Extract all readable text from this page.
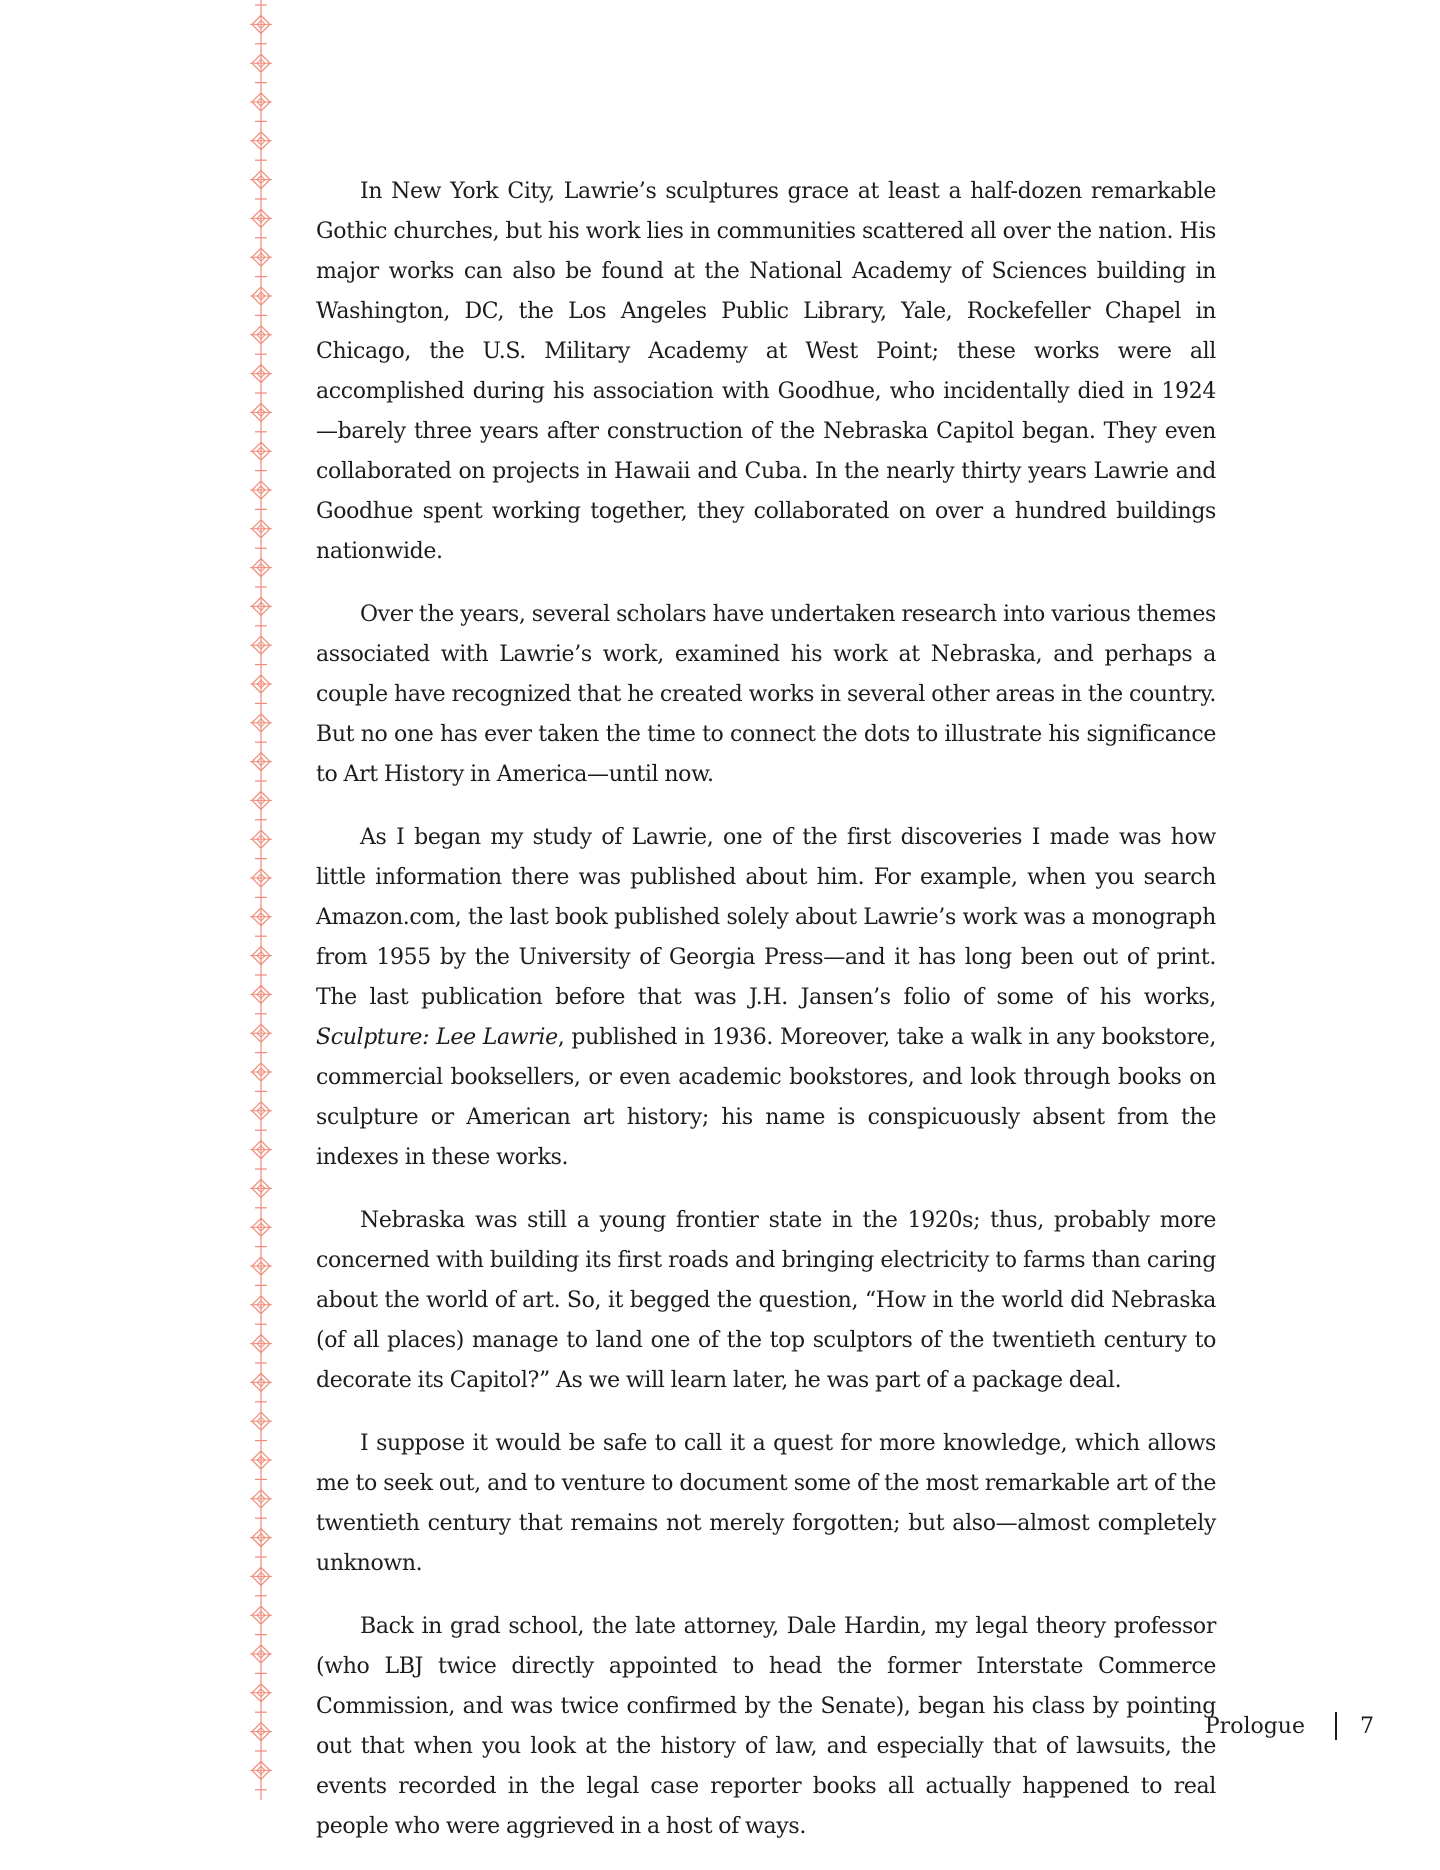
In New York City, Lawrie’s sculptures grace at least a half-dozen remarkable Gothic churches, but his work lies in communities scattered all over the nation. His major works can also be found at the National Academy of Sciences building in Washington, DC, the Los Angeles Public Library, Yale, Rockefeller Chapel in Chicago, the U.S. Military Academy at West Point; these works were all accomplished during his association with Goodhue, who incidentally died in 1924—barely three years after construction of the Nebraska Capitol began. They even collaborated on projects in Hawaii and Cuba. In the nearly thirty years Lawrie and Goodhue spent working together, they collaborated on over a hundred buildings nationwide.

Over the years, several scholars have undertaken research into various themes associated with Lawrie’s work, examined his work at Nebraska, and perhaps a couple have recognized that he created works in several other areas in the country. But no one has ever taken the time to connect the dots to illustrate his significance to Art History in America—until now.

As I began my study of Lawrie, one of the first discoveries I made was how little information there was published about him. For example, when you search Amazon.com, the last book published solely about Lawrie’s work was a monograph from 1955 by the University of Georgia Press—and it has long been out of print. The last publication before that was J.H. Jansen’s folio of some of his works, Sculpture: Lee Lawrie, published in 1936. Moreover, take a walk in any bookstore, commercial booksellers, or even academic bookstores, and look through books on sculpture or American art history; his name is conspicuously absent from the indexes in these works.

Nebraska was still a young frontier state in the 1920s; thus, probably more concerned with building its first roads and bringing electricity to farms than caring about the world of art. So, it begged the question, “How in the world did Nebraska (of all places) manage to land one of the top sculptors of the twentieth century to decorate its Capitol?” As we will learn later, he was part of a package deal.

I suppose it would be safe to call it a quest for more knowledge, which allows me to seek out, and to venture to document some of the most remarkable art of the twentieth century that remains not merely forgotten; but also—almost completely unknown.

Back in grad school, the late attorney, Dale Hardin, my legal theory professor (who LBJ twice directly appointed to head the former Interstate Commerce Commission, and was twice confirmed by the Senate), began his class by pointing out that when you look at the history of law, and especially that of lawsuits, the events recorded in the legal case reporter books all actually happened to real people who were aggrieved in a host of ways.

Prologue	7
